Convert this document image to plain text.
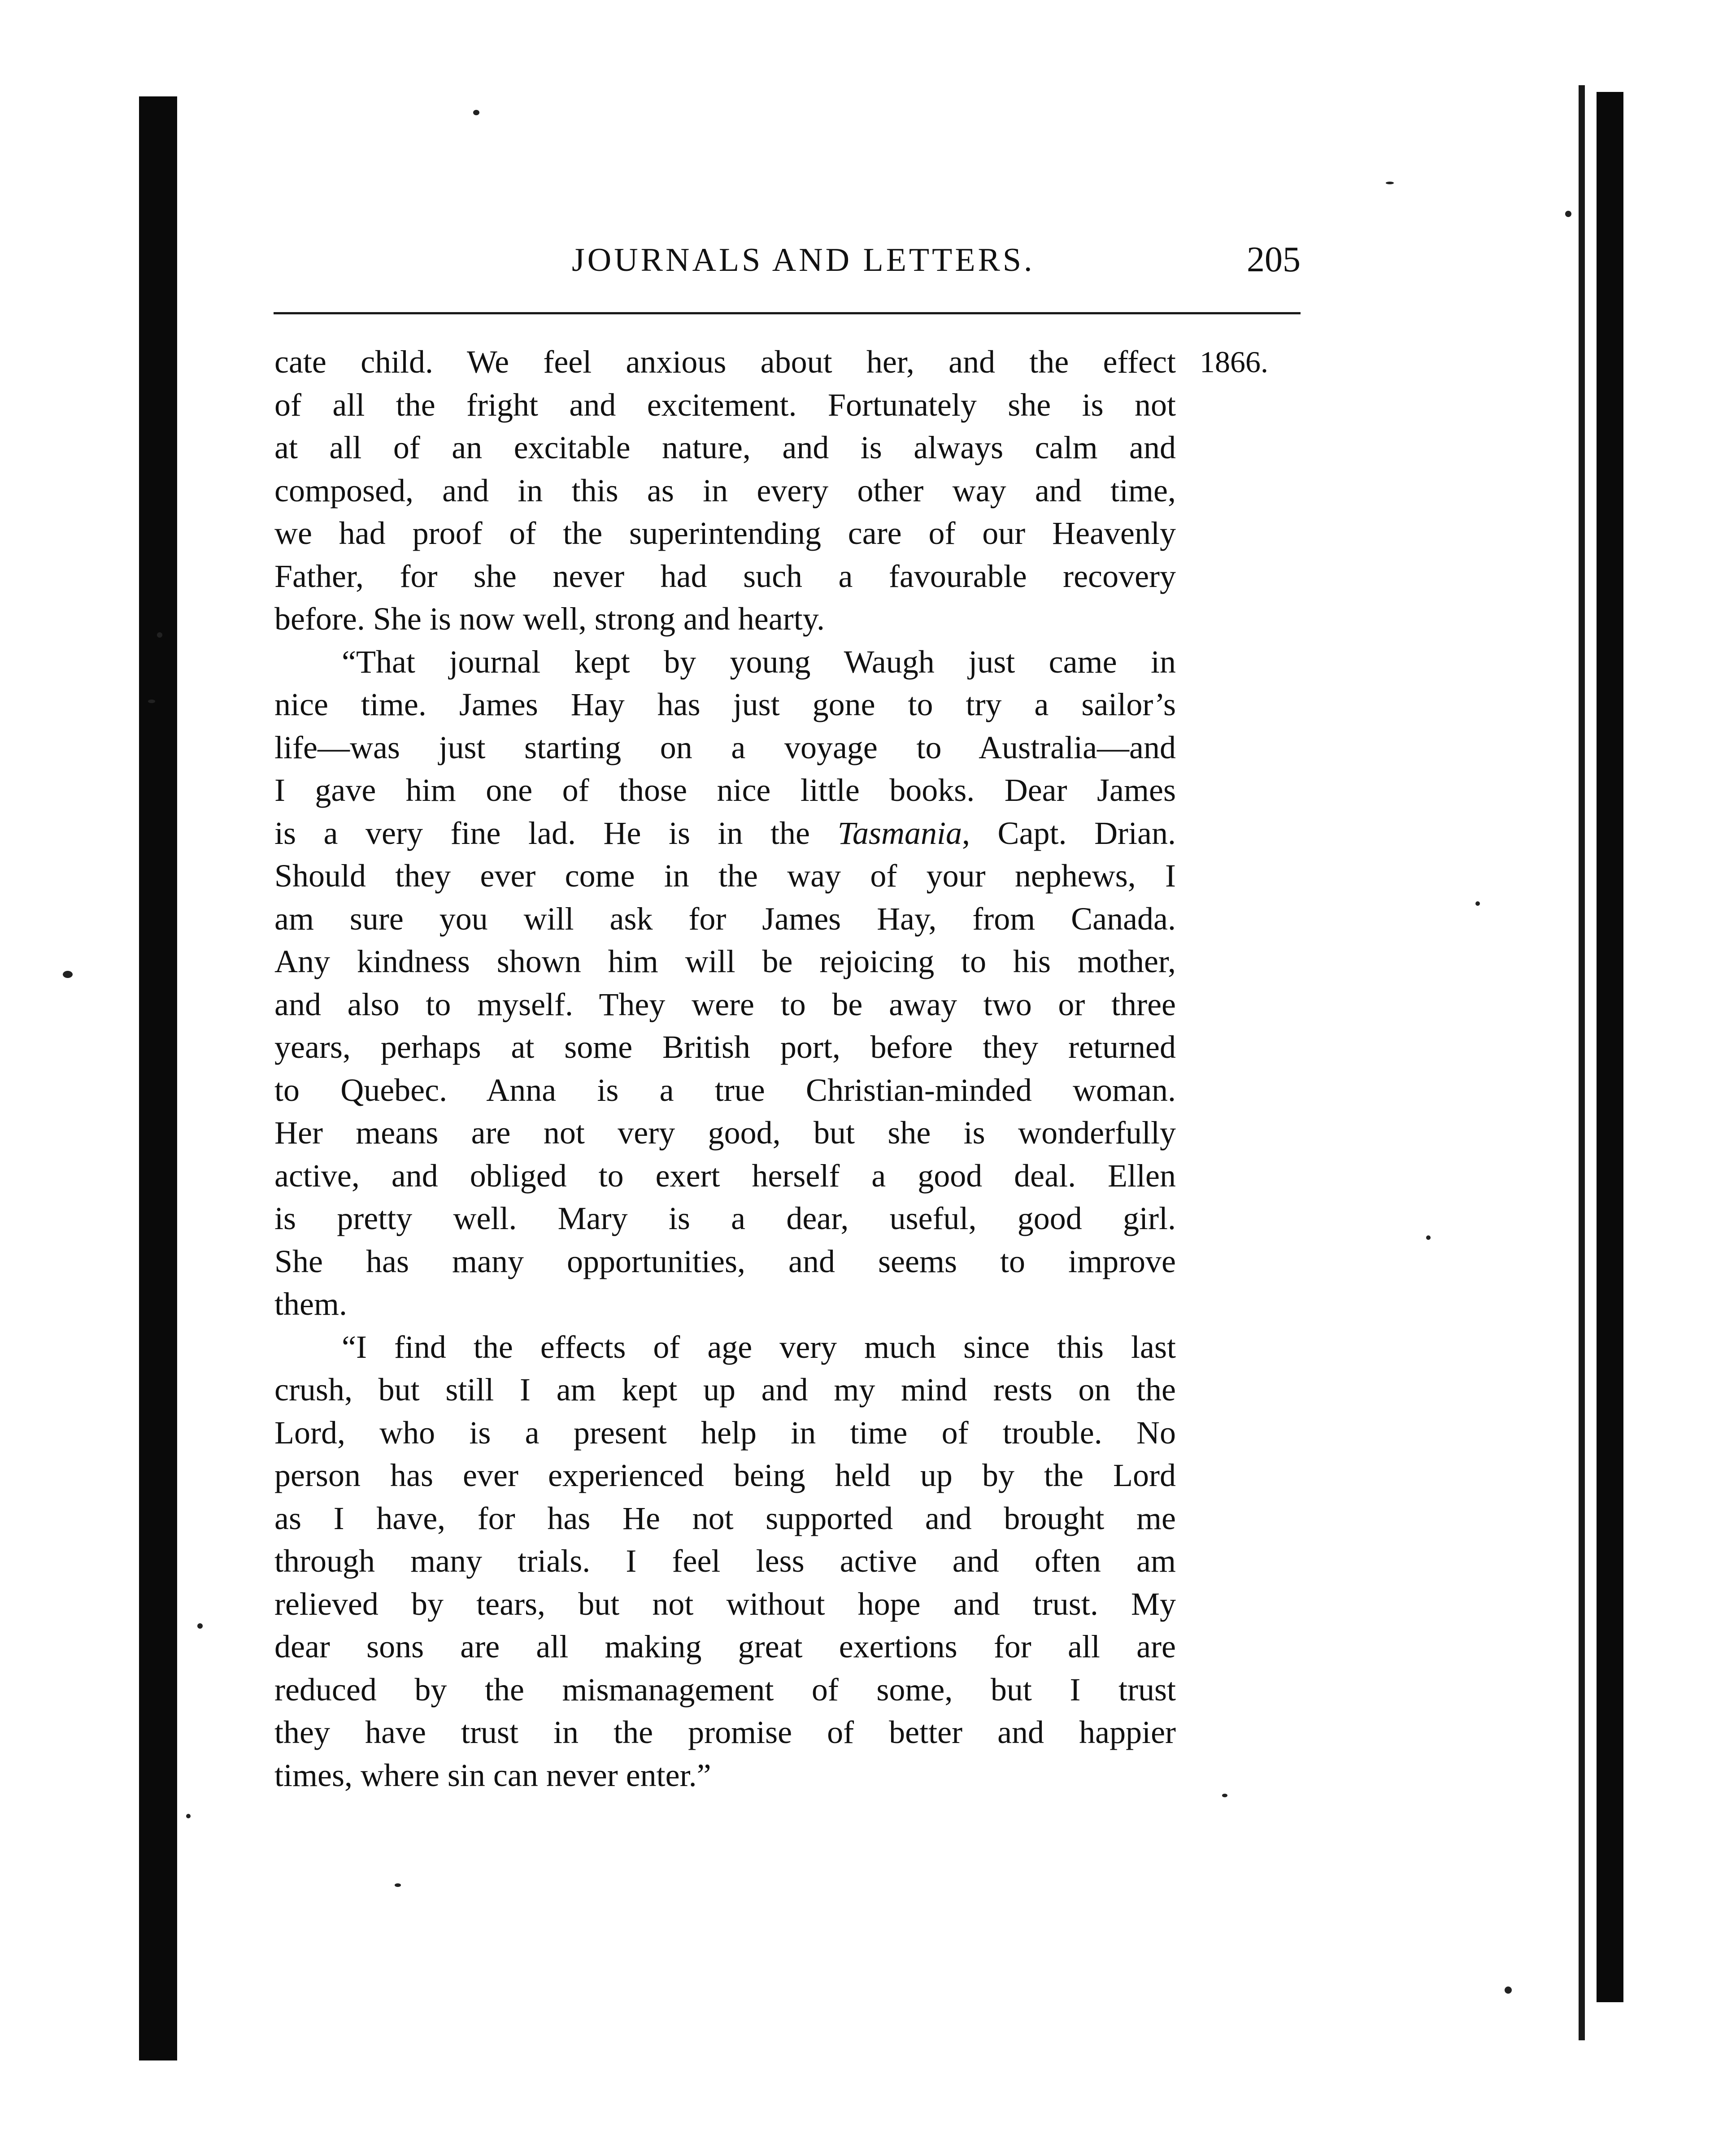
JOURNALS AND LETTERS.	205
1866.

cate child. We feel anxious about her, and the effect
of all the fright and excitement. Fortunately she is not
at all of an excitable nature, and is always calm and
composed, and in this as in every other way and time,
we had proof of the superintending care of our Heavenly
Father, for she never had such a favourable recovery
before. She is now well, strong and hearty.

“That journal kept by young Waugh just came in
nice time. James Hay has just gone to try a sailor’s
life—was just starting on a voyage to Australia—and
I gave him one of those nice little books. Dear James
is a very fine lad. He is in the Tasmania, Capt. Drian.
Should they ever come in the way of your nephews, I
am sure you will ask for James Hay, from Canada.
Any kindness shown him will be rejoicing to his mother,
and also to myself. They were to be away two or three
years, perhaps at some British port, before they returned
to Quebec. Anna is a true Christian-minded woman.
Her means are not very good, but she is wonderfully
active, and obliged to exert herself a good deal. Ellen
is pretty well. Mary is a dear, useful, good girl.
She has many opportunities, and seems to improve
them.

“I find the effects of age very much since this last
crush, but still I am kept up and my mind rests on the
Lord, who is a present help in time of trouble. No
person has ever experienced being held up by the Lord
as I have, for has He not supported and brought me
through many trials. I feel less active and often am
relieved by tears, but not without hope and trust. My
dear sons are all making great exertions for all are
reduced by the mismanagement of some, but I trust
they have trust in the promise of better and happier
times, where sin can never enter.”
